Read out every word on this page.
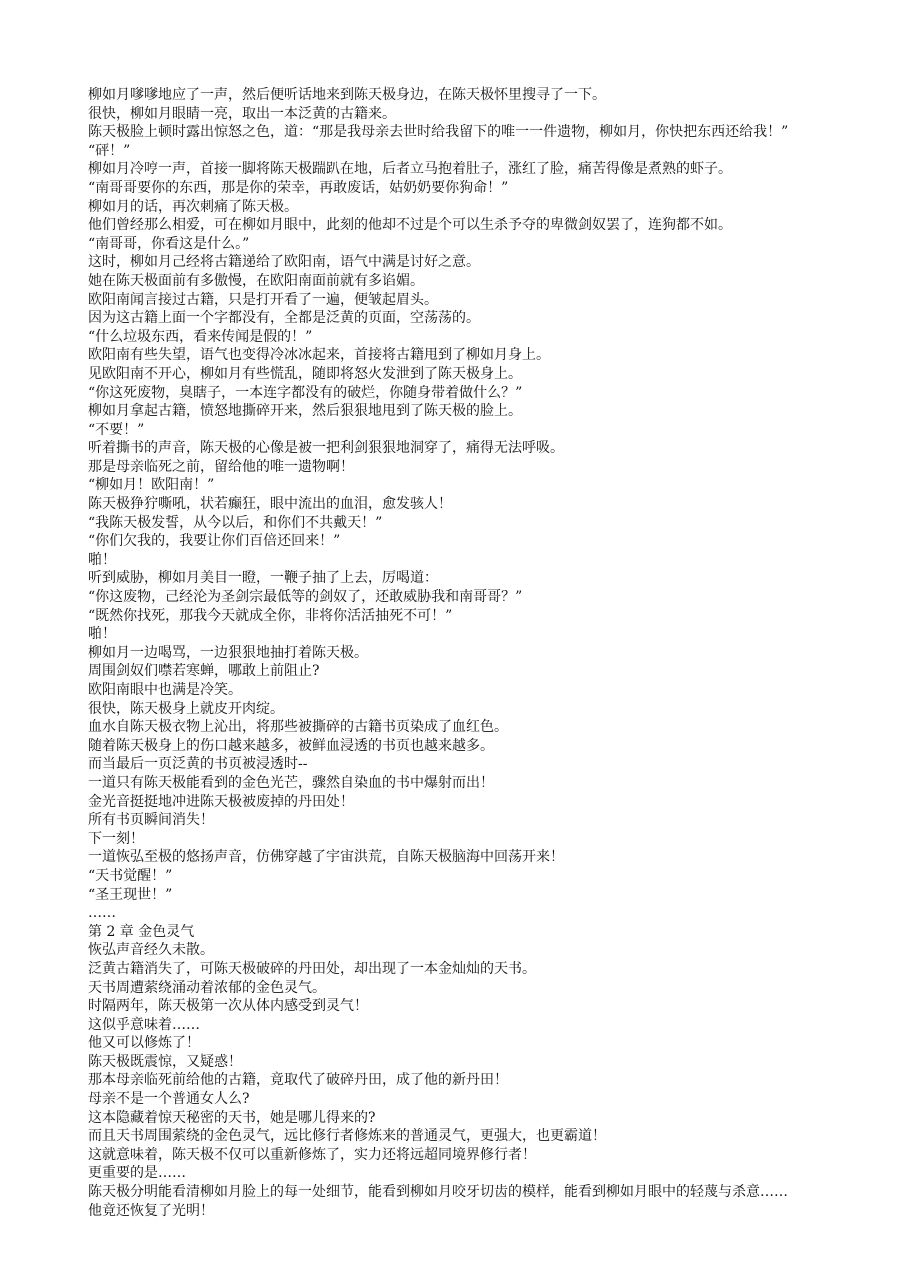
柳如月嗲嗲地应了一声，然后便听话地来到陈天极身边，在陈天极怀里搜寻了一下。

很快，柳如月眼睛一亮，取出一本泛黄的古籍来。

陈天极脸上顿时露出惊怒之色，道：“那是我母亲去世时给我留下的唯一一件遗物，柳如月，你快把东西还给我！”

“砰！”

柳如月冷哼一声，首接一脚将陈天极踹趴在地，后者立马抱着肚子，涨红了脸，痛苦得像是煮熟的虾子。

“南哥哥要你的东西，那是你的荣幸，再敢废话，姑奶奶要你狗命！”

柳如月的话，再次刺痛了陈天极。

他们曾经那么相爱，可在柳如月眼中，此刻的他却不过是个可以生杀予夺的卑微剑奴罢了，连狗都不如。

“南哥哥，你看这是什么。”

这时，柳如月己经将古籍递给了欧阳南，语气中满是讨好之意。

她在陈天极面前有多傲慢，在欧阳南面前就有多谄媚。

欧阳南闻言接过古籍，只是打开看了一遍，便皱起眉头。

因为这古籍上面一个字都没有，全都是泛黄的页面，空荡荡的。

“什么垃圾东西，看来传闻是假的！”

欧阳南有些失望，语气也变得冷冰冰起来，首接将古籍甩到了柳如月身上。

见欧阳南不开心，柳如月有些慌乱，随即将怒火发泄到了陈天极身上。

“你这死废物，臭瞎子，一本连字都没有的破烂，你随身带着做什么？”

柳如月拿起古籍，愤怒地撕碎开来，然后狠狠地甩到了陈天极的脸上。

“不要！”

听着撕书的声音，陈天极的心像是被一把利剑狠狠地洞穿了，痛得无法呼吸。

那是母亲临死之前，留给他的唯一遗物啊！

“柳如月！欧阳南！”

陈天极狰狞嘶吼，状若癫狂，眼中流出的血泪，愈发骇人！

“我陈天极发誓，从今以后，和你们不共戴天！”

“你们欠我的，我要让你们百倍还回来！”

啪！

听到威胁，柳如月美目一瞪，一鞭子抽了上去，厉喝道：

“你这废物，己经沦为圣剑宗最低等的剑奴了，还敢威胁我和南哥哥？”

“既然你找死，那我今天就成全你，非将你活活抽死不可！”

啪！

柳如月一边喝骂，一边狠狠地抽打着陈天极。

周围剑奴们噤若寒蝉，哪敢上前阻止?

欧阳南眼中也满是冷笑。

很快，陈天极身上就皮开肉绽。

血水自陈天极衣物上沁出，将那些被撕碎的古籍书页染成了血红色。

随着陈天极身上的伤口越来越多，被鲜血浸透的书页也越来越多。

而当最后一页泛黄的书页被浸透时--

一道只有陈天极能看到的金色光芒，骤然自染血的书中爆射而出！

金光音挺挺地冲进陈天极被废掉的丹田处！

所有书页瞬间消失！

下一刻！

一道恢弘至极的悠扬声音，仿佛穿越了宇宙洪荒，自陈天极脑海中回荡开来！

“天书觉醒！”

“圣王现世！”

……

第 2 章 金色灵气

恢弘声音经久未散。

泛黄古籍消失了，可陈天极破碎的丹田处，却出现了一本金灿灿的天书。

天书周遭萦绕涌动着浓郁的金色灵气。

时隔两年，陈天极第一次从体内感受到灵气！

这似乎意味着……

他又可以修炼了！

陈天极既震惊，又疑惑！

那本母亲临死前给他的古籍，竟取代了破碎丹田，成了他的新丹田！

母亲不是一个普通女人么?

这本隐藏着惊天秘密的天书，她是哪儿得来的?

而且天书周围萦绕的金色灵气，远比修行者修炼来的普通灵气，更强大，也更霸道！

这就意味着，陈天极不仅可以重新修炼了，实力还将远超同境界修行者！

更重要的是……

陈天极分明能看清柳如月脸上的每一处细节，能看到柳如月咬牙切齿的模样，能看到柳如月眼中的轻蔑与杀意……

他竟还恢复了光明！
